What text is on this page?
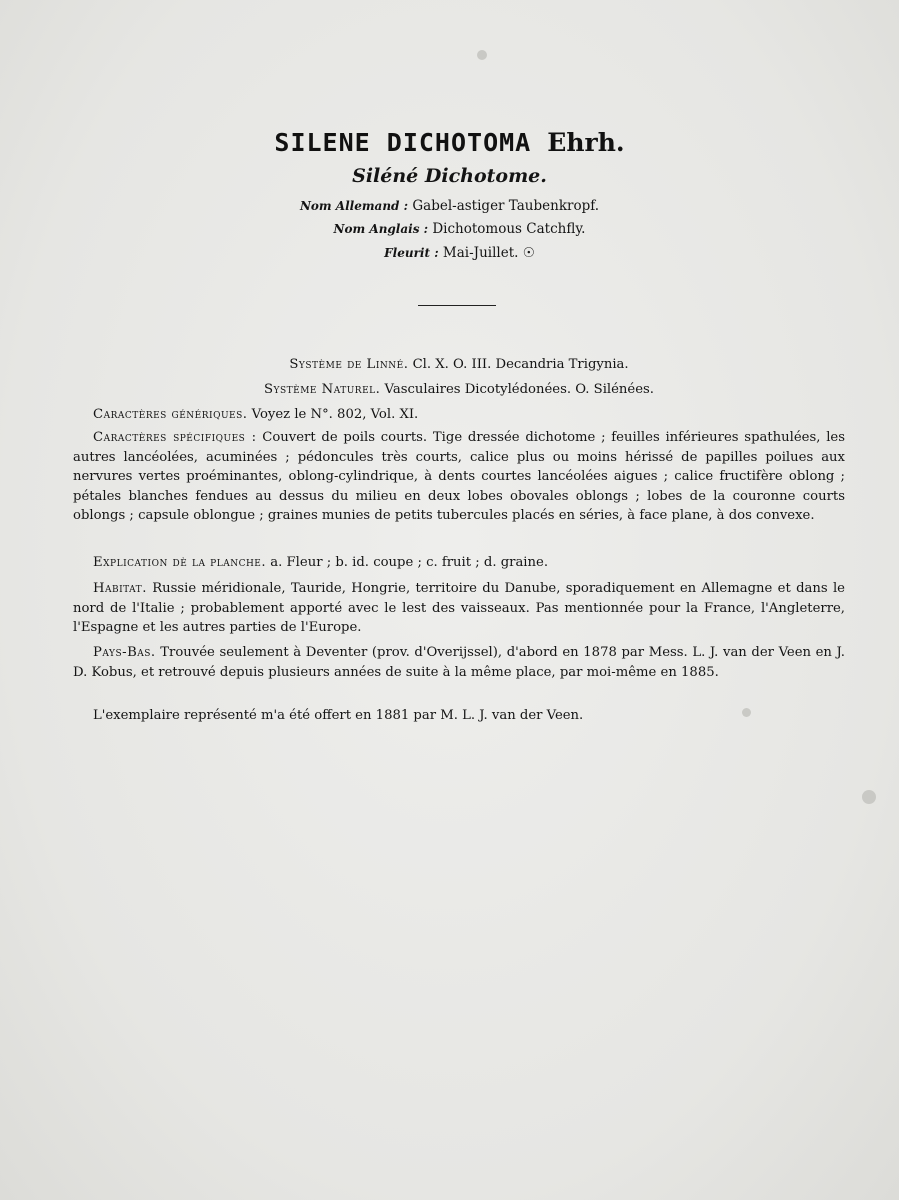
SILENE DICHOTOMA Ehrh.
Siléné Dichotome.
Nom Allemand : Gabel-astiger Taubenkropf.
Nom Anglais : Dichotomous Catchfly.
Fleurit : Mai-Juillet. ☉
Système de Linné. Cl. X. O. III. Decandria Trigynia.
Système Naturel. Vasculaires Dicotylédonées. O. Silénées.
Caractères génériques. Voyez le N°. 802, Vol. XI.
Caractères spécifiques : Couvert de poils courts. Tige dressée dichotome ; feuilles inférieures spathulées, les autres lancéolées, acuminées ; pédoncules très courts, calice plus ou moins hérissé de papilles poilues aux nervures vertes proéminantes, oblong-cylindrique, à dents courtes lancéolées aigues ; calice fructifère oblong ; pétales blanches fendues au dessus du milieu en deux lobes obovales oblongs ; lobes de la couronne courts oblongs ; capsule oblongue ; graines munies de petits tubercules placés en séries, à face plane, à dos convexe.
Explication dè la planche. a. Fleur ; b. id. coupe ; c. fruit ; d. graine.
Habitat. Russie méridionale, Tauride, Hongrie, territoire du Danube, sporadiquement en Allemagne et dans le nord de l'Italie ; probablement apporté avec le lest des vaisseaux. Pas mentionnée pour la France, l'Angleterre, l'Espagne et les autres parties de l'Europe.
Pays-Bas. Trouvée seulement à Deventer (prov. d'Overijssel), d'abord en 1878 par Mess. L. J. van der Veen en J. D. Kobus, et retrouvé depuis plusieurs années de suite à la même place, par moi-même en 1885.
L'exemplaire représenté m'a été offert en 1881 par M. L. J. van der Veen.
